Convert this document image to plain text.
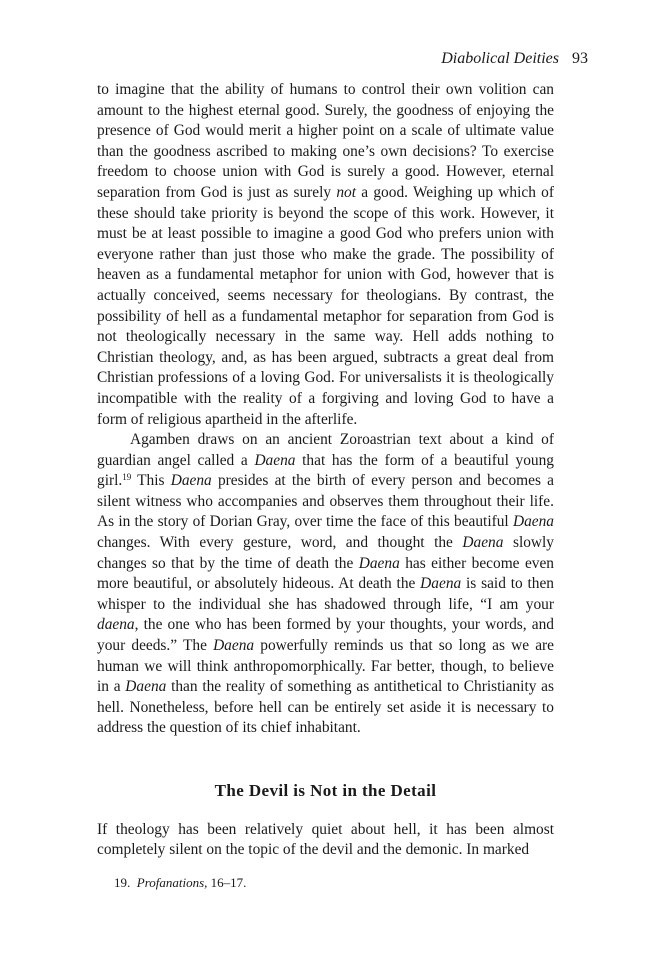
Diabolical Deities 93

to imagine that the ability of humans to control their own volition can amount to the highest eternal good. Surely, the goodness of enjoying the presence of God would merit a higher point on a scale of ultimate value than the goodness ascribed to making one’s own decisions? To exercise freedom to choose union with God is surely a good. However, eternal separation from God is just as surely not a good. Weighing up which of these should take priority is beyond the scope of this work. However, it must be at least possible to imagine a good God who prefers union with everyone rather than just those who make the grade. The possibility of heaven as a fundamental metaphor for union with God, however that is actually conceived, seems necessary for theologians. By contrast, the possibility of hell as a fundamental metaphor for separation from God is not theologically necessary in the same way. Hell adds nothing to Christian theology, and, as has been argued, subtracts a great deal from Christian professions of a loving God. For universalists it is theologically incompatible with the reality of a forgiving and loving God to have a form of religious apartheid in the afterlife.

Agamben draws on an ancient Zoroastrian text about a kind of guardian angel called a Daena that has the form of a beautiful young girl.$^{19}$ This Daena presides at the birth of every person and becomes a silent witness who accompanies and observes them throughout their life. As in the story of Dorian Gray, over time the face of this beautiful Daena changes. With every gesture, word, and thought the Daena slowly changes so that by the time of death the Daena has either become even more beautiful, or absolutely hideous. At death the Daena is said to then whisper to the individual she has shadowed through life, “I am your daena, the one who has been formed by your thoughts, your words, and your deeds.” The Daena powerfully reminds us that so long as we are human we will think anthropomorphically. Far better, though, to believe in a Daena than the reality of something as antithetical to Christianity as hell. Nonetheless, before hell can be entirely set aside it is necessary to address the question of its chief inhabitant.

The Devil is Not in the Detail

If theology has been relatively quiet about hell, it has been almost completely silent on the topic of the devil and the demonic. In marked

19. Profanations, 16–17.
